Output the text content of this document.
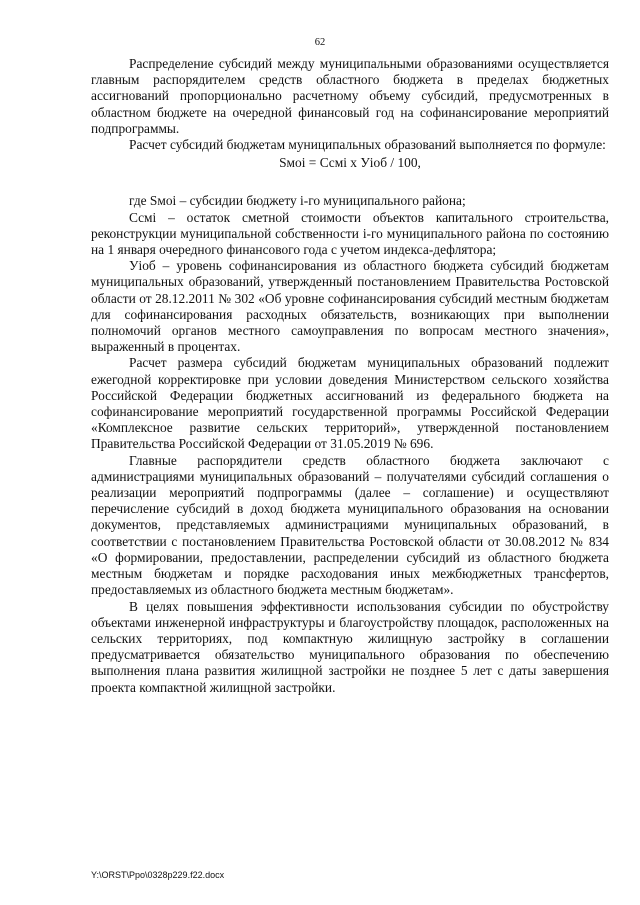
62

Распределение субсидий между муниципальными образованиями осуществляется главным распорядителем средств областного бюджета в пределах бюджетных ассигнований пропорционально расчетному объему субсидий, предусмотренных в областном бюджете на очередной финансовый год на софинансирование мероприятий подпрограммы.

Расчет субсидий бюджетам муниципальных образований выполняется по формуле:

Sмоi = Ссмi х Уioб / 100,

где Sмоi – субсидии бюджету i-го муниципального района;

Ссмi – остаток сметной стоимости объектов капитального строительства, реконструкции муниципальной собственности i-го муниципального района по состоянию на 1 января очередного финансового года с учетом индекса-дефлятора;

Уioб – уровень софинансирования из областного бюджета субсидий бюджетам муниципальных образований, утвержденный постановлением Правительства Ростовской области от 28.12.2011 № 302 «Об уровне софинансирования субсидий местным бюджетам для софинансирования расходных обязательств, возникающих при выполнении полномочий органов местного самоуправления по вопросам местного значения», выраженный в процентах.

Расчет размера субсидий бюджетам муниципальных образований подлежит ежегодной корректировке при условии доведения Министерством сельского хозяйства Российской Федерации бюджетных ассигнований из федерального бюджета на софинансирование мероприятий государственной программы Российской Федерации «Комплексное развитие сельских территорий», утвержденной постановлением Правительства Российской Федерации от 31.05.2019 № 696.

Главные распорядители средств областного бюджета заключают с администрациями муниципальных образований – получателями субсидий соглашения о реализации мероприятий подпрограммы (далее – соглашение) и осуществляют перечисление субсидий в доход бюджета муниципального образования на основании документов, представляемых администрациями муниципальных образований, в соответствии с постановлением Правительства Ростовской области от 30.08.2012 № 834 «О формировании, предоставлении, распределении субсидий из областного бюджета местным бюджетам и порядке расходования иных межбюджетных трансфертов, предоставляемых из областного бюджета местным бюджетам».

В целях повышения эффективности использования субсидии по обустройству объектами инженерной инфраструктуры и благоустройству площадок, расположенных на сельских территориях, под компактную жилищную застройку в соглашении предусматривается обязательство муниципального образования по обеспечению выполнения плана развития жилищной застройки не позднее 5 лет с даты завершения проекта компактной жилищной застройки.

Y:\ORST\Ppo\0328p229.f22.docx
